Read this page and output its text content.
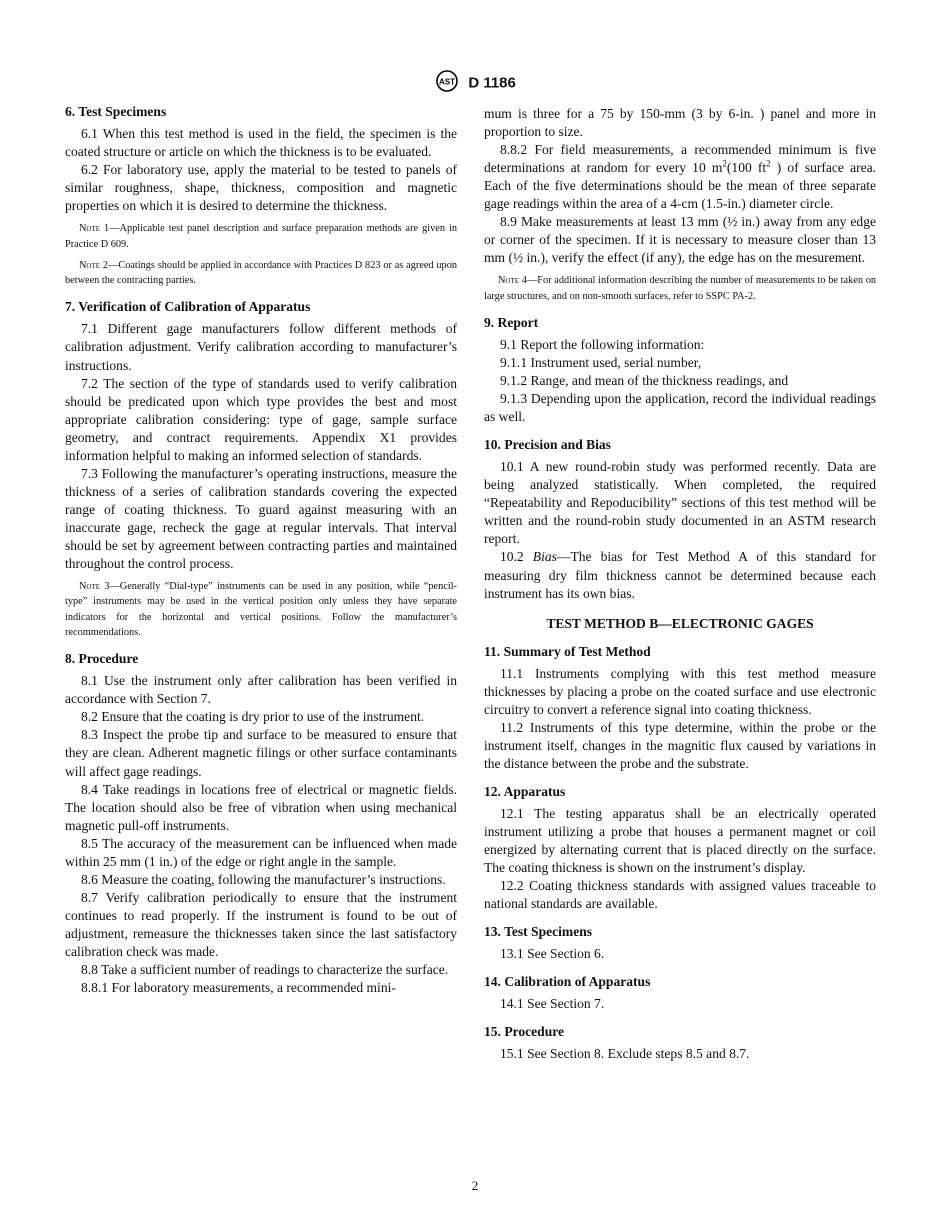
AST D 1186
6. Test Specimens

6.1 When this test method is used in the field, the specimen is the coated structure or article on which the thickness is to be evaluated.

6.2 For laboratory use, apply the material to be tested to panels of similar roughness, shape, thickness, composition and magnetic properties on which it is desired to determine the thickness.

Note 1—Applicable test panel description and surface preparation methods are given in Practice D 609.

Note 2—Coatings should be applied in accordance with Practices D 823 or as agreed upon between the contracting parties.

7. Verification of Calibration of Apparatus

7.1 Different gage manufacturers follow different methods of calibration adjustment. Verify calibration according to manufacturer’s instructions.

7.2 The section of the type of standards used to verify calibration should be predicated upon which type provides the best and most appropriate calibration considering: type of gage, sample surface geometry, and contract requirements. Appendix X1 provides information helpful to making an informed selection of standards.

7.3 Following the manufacturer’s operating instructions, measure the thickness of a series of calibration standards covering the expected range of coating thickness. To guard against measuring with an inaccurate gage, recheck the gage at regular intervals. That interval should be set by agreement between contracting parties and maintained throughout the control process.

Note 3—Generally “Dial-type” instruments can be used in any position, while “pencil-type” instruments may be used in the vertical position only unless they have separate indicators for the horizontal and vertical positions. Follow the manufacturer’s recommendations.

8. Procedure

8.1 Use the instrument only after calibration has been verified in accordance with Section 7.

8.2 Ensure that the coating is dry prior to use of the instrument.

8.3 Inspect the probe tip and surface to be measured to ensure that they are clean. Adherent magnetic filings or other surface contaminants will affect gage readings.

8.4 Take readings in locations free of electrical or magnetic fields. The location should also be free of vibration when using mechanical magnetic pull-off instruments.

8.5 The accuracy of the measurement can be influenced when made within 25 mm (1 in.) of the edge or right angle in the sample.

8.6 Measure the coating, following the manufacturer’s instructions.

8.7 Verify calibration periodically to ensure that the instrument continues to read properly. If the instrument is found to be out of adjustment, remeasure the thicknesses taken since the last satisfactory calibration check was made.

8.8 Take a sufficient number of readings to characterize the surface.

8.8.1 For laboratory measurements, a recommended mini-

mum is three for a 75 by 150-mm (3 by 6-in. ) panel and more in proportion to size.

8.8.2 For field measurements, a recommended minimum is five determinations at random for every 10 $m^2(100$ $ft^2$ ) of surface area. Each of the five determinations should be the mean of three separate gage readings within the area of a 4-cm (1.5-in.) diameter circle.

8.9 Make measurements at least 13 mm (½ in.) away from any edge or corner of the specimen. If it is necessary to measure closer than 13 mm (½ in.), verify the effect (if any), the edge has on the mesurement.

Note 4—For additional information describing the number of measurements to be taken on large structures, and on non-smooth surfaces, refer to SSPC PA-2.

9. Report

9.1 Report the following information:

9.1.1 Instrument used, serial number,

9.1.2 Range, and mean of the thickness readings, and

9.1.3 Depending upon the application, record the individual readings as well.

10. Precision and Bias

10.1 A new round-robin study was performed recently. Data are being analyzed statistically. When completed, the required “Repeatability and Repoducibility” sections of this test method will be written and the round-robin study documented in an ASTM research report.

10.2 Bias—The bias for Test Method A of this standard for measuring dry film thickness cannot be determined because each instrument has its own bias.

TEST METHOD B—ELECTRONIC GAGES
11. Summary of Test Method

11.1 Instruments complying with this test method measure thicknesses by placing a probe on the coated surface and use electronic circuitry to convert a reference signal into coating thickness.

11.2 Instruments of this type determine, within the probe or the instrument itself, changes in the magnitic flux caused by variations in the distance between the probe and the substrate.

12. Apparatus

12.1 The testing apparatus shall be an electrically operated instrument utilizing a probe that houses a permanent magnet or coil energized by alternating current that is placed directly on the surface. The coating thickness is shown on the instrument’s display.

12.2 Coating thickness standards with assigned values traceable to national standards are available.

13. Test Specimens

13.1 See Section 6.

14. Calibration of Apparatus

14.1 See Section 7.

15. Procedure

15.1 See Section 8. Exclude steps 8.5 and 8.7.

2
